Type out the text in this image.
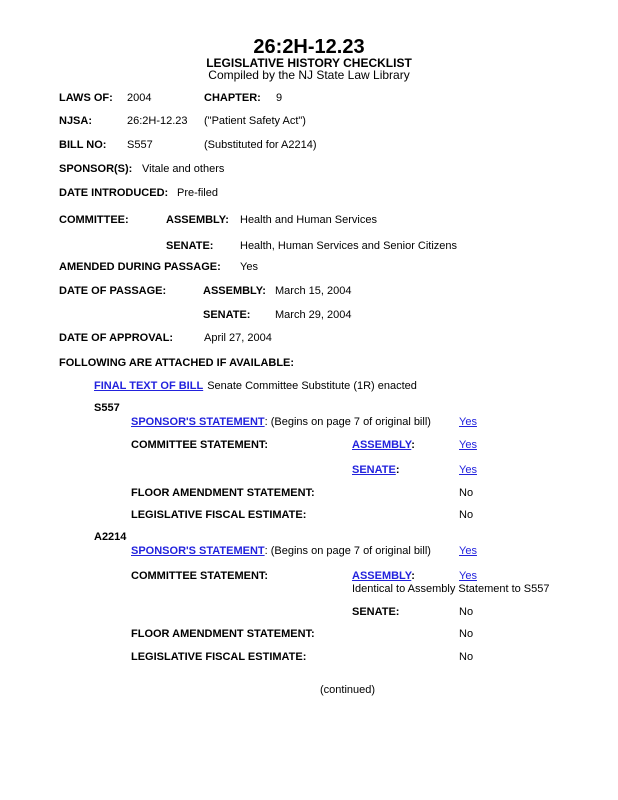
26:2H-12.23
LEGISLATIVE HISTORY CHECKLIST
Compiled by the NJ State Law Library
LAWS OF: 2004	CHAPTER: 9
NJSA:	26:2H-12.23 ("Patient Safety Act")
BILL NO: S557	(Substituted for A2214)
SPONSOR(S): Vitale and others
DATE INTRODUCED: Pre-filed
COMMITTEE:	ASSEMBLY: Health and Human Services
SENATE: Health, Human Services and Senior Citizens
AMENDED DURING PASSAGE: Yes
DATE OF PASSAGE:	ASSEMBLY: March 15, 2004
SENATE: March 29, 2004
DATE OF APPROVAL:	April 27, 2004
FOLLOWING ARE ATTACHED IF AVAILABLE:
FINAL TEXT OF BILL Senate Committee Substitute (1R) enacted
S557
SPONSOR'S STATEMENT: (Begins on page 7 of original bill)	Yes
COMMITTEE STATEMENT:	ASSEMBLY:	Yes
SENATE:	Yes
FLOOR AMENDMENT STATEMENT:	No
LEGISLATIVE FISCAL ESTIMATE:	No
A2214
SPONSOR'S STATEMENT: (Begins on page 7 of original bill)	Yes
COMMITTEE STATEMENT:	ASSEMBLY:	Yes
Identical to Assembly Statement to S557
SENATE:	No
FLOOR AMENDMENT STATEMENT:	No
LEGISLATIVE FISCAL ESTIMATE:	No
(continued)
